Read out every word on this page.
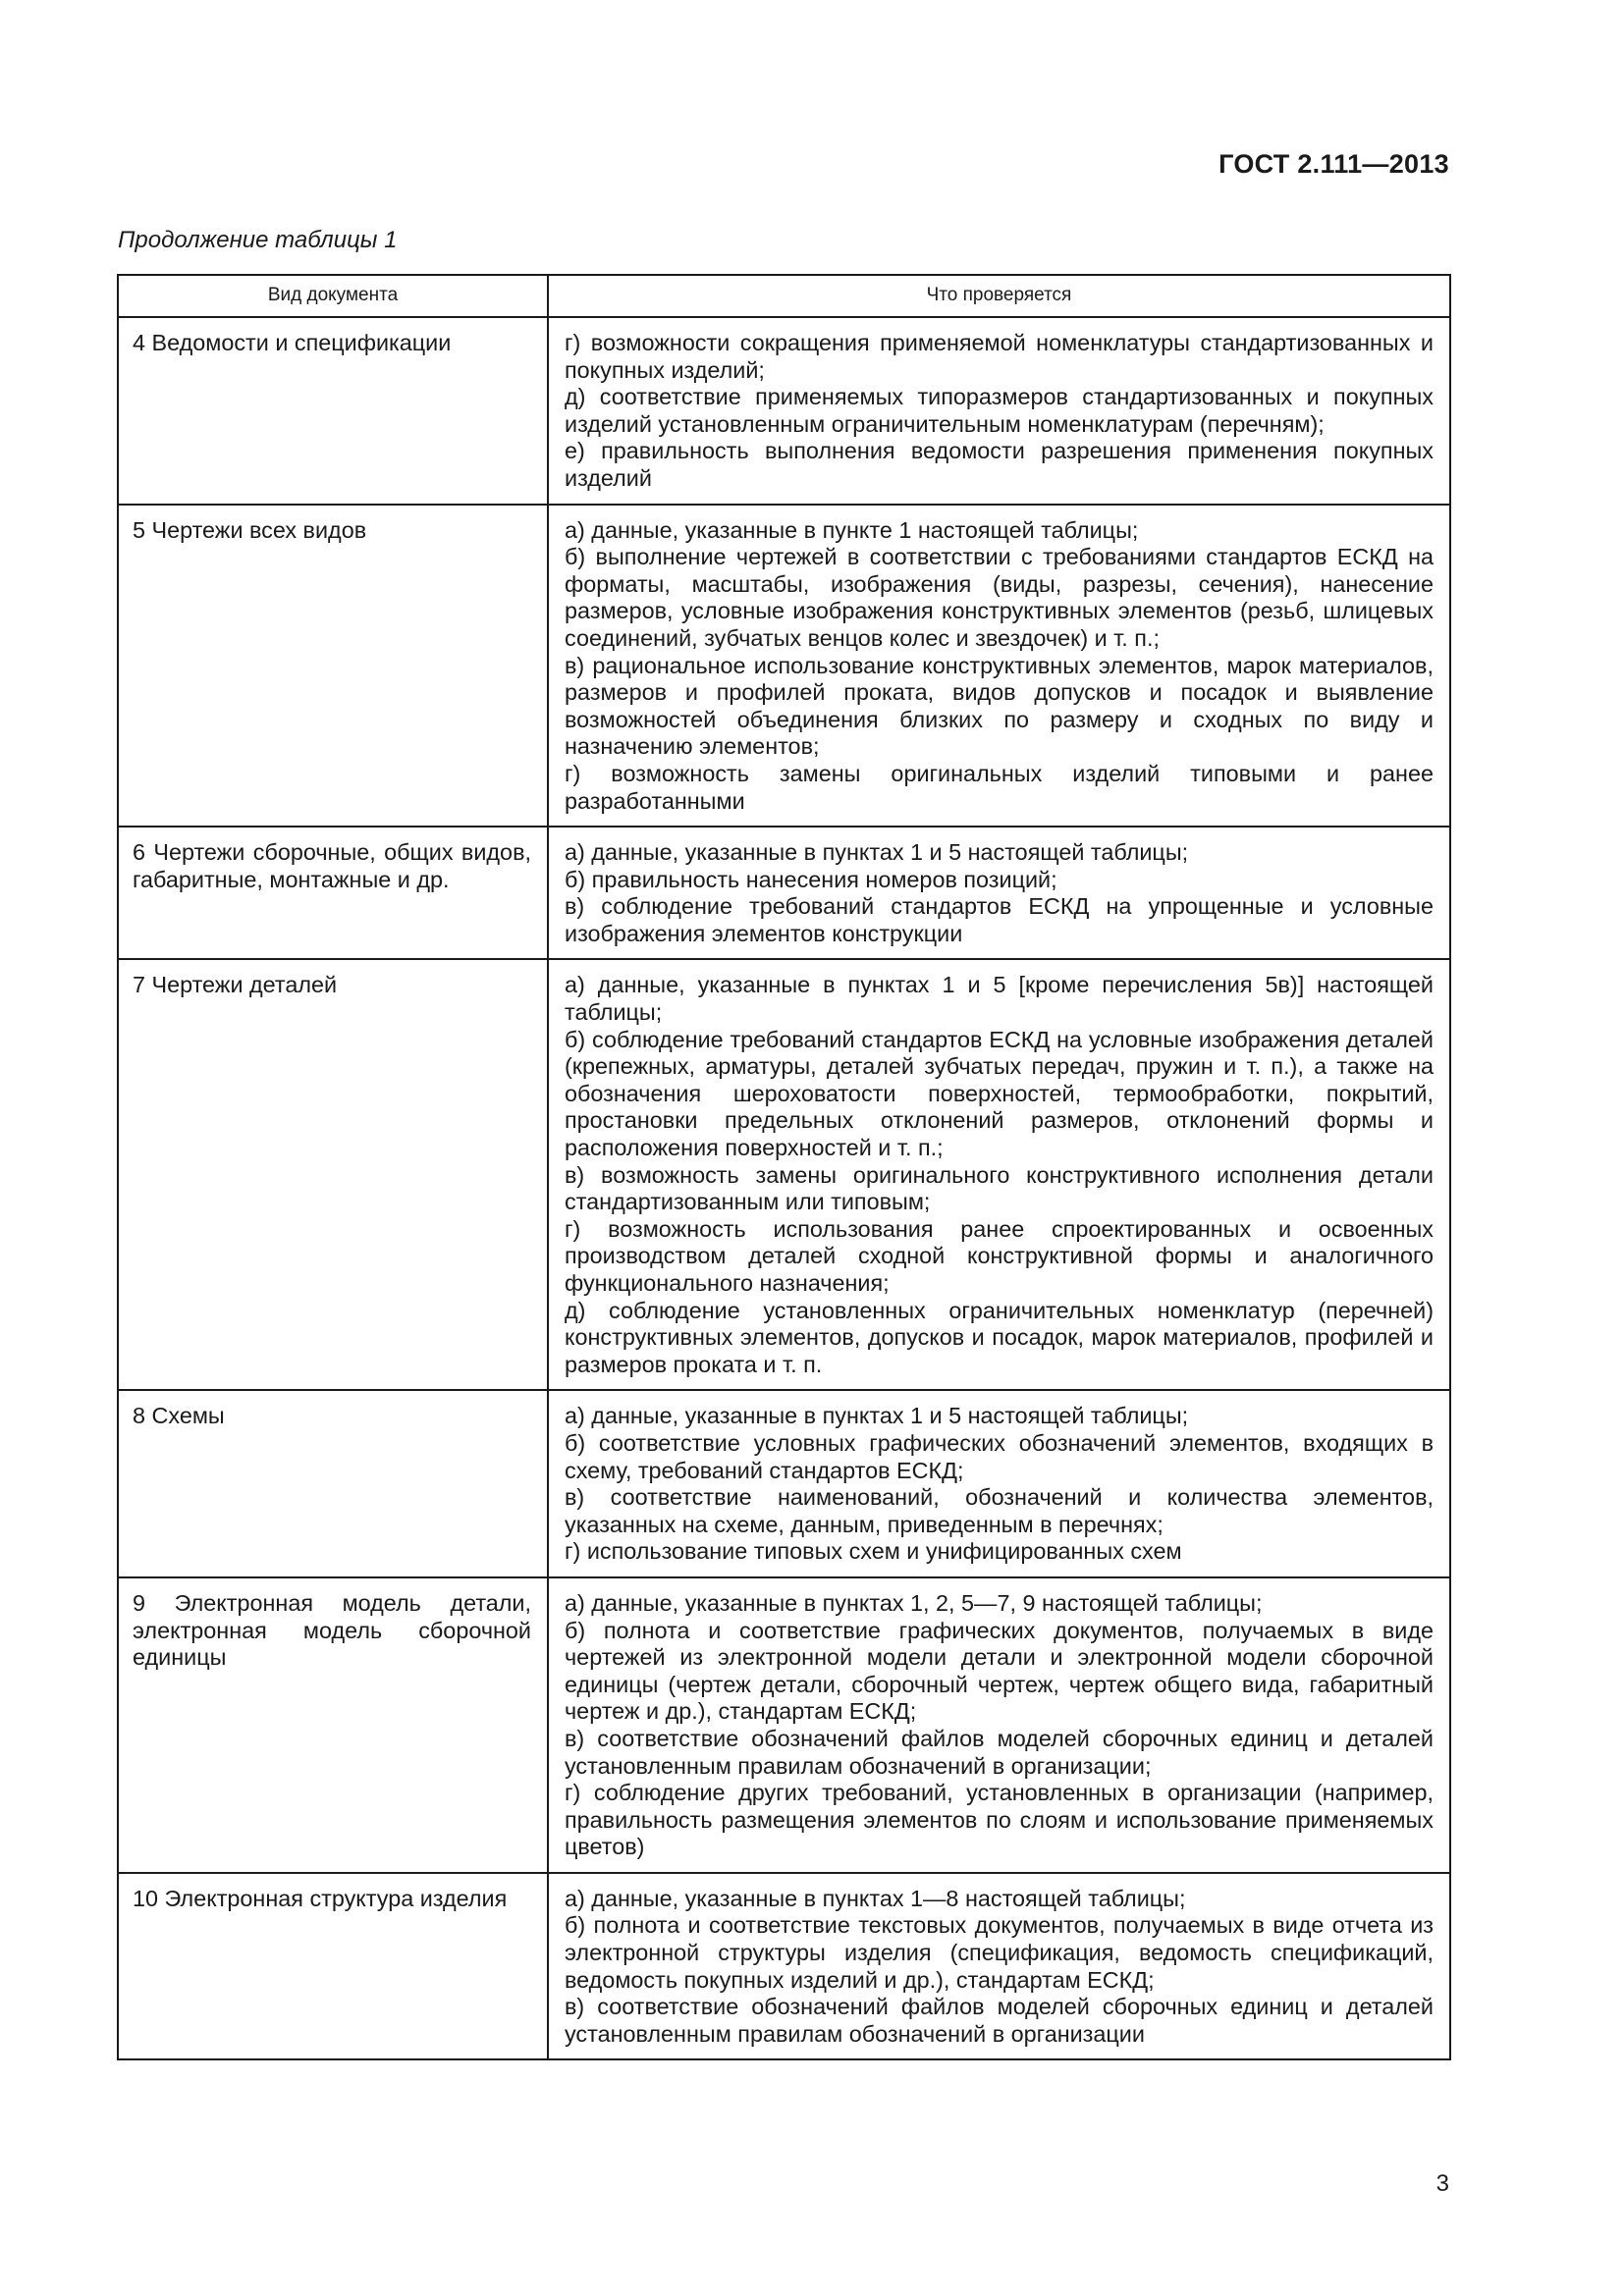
ГОСТ 2.111—2013
Продолжение таблицы 1
Вид документа	Что проверяется
4 Ведомости и спецификации	г) возможности сокращения применяемой номенклатуры стандартизованных и покупных изделий;
д) соответствие применяемых типоразмеров стандартизованных и покупных изделий установленным ограничительным номенклатурам (перечням);
е) правильность выполнения ведомости разрешения применения покупных изделий

5 Чертежи всех видов	а) данные, указанные в пункте 1 настоящей таблицы;
б) выполнение чертежей в соответствии с требованиями стандартов ЕСКД на форматы, масштабы, изображения (виды, разрезы, сечения), нанесение размеров, условные изображения конструктивных элементов (резьб, шлицевых соединений, зубчатых венцов колес и звездочек) и т. п.;
в) рациональное использование конструктивных элементов, марок материалов, размеров и профилей проката, видов допусков и посадок и выявление возможностей объединения близких по размеру и сходных по виду и назначению элементов;
г) возможность замены оригинальных изделий типовыми и ранее разработанными

6 Чертежи сборочные, общих видов, габаритные, монтажные и др.	а) данные, указанные в пунктах 1 и 5 настоящей таблицы;
б) правильность нанесения номеров позиций;
в) соблюдение требований стандартов ЕСКД на упрощенные и условные изображения элементов конструкции

7 Чертежи деталей	а) данные, указанные в пунктах 1 и 5 [кроме перечисления 5в)] настоящей таблицы;
б) соблюдение требований стандартов ЕСКД на условные изображения деталей (крепежных, арматуры, деталей зубчатых передач, пружин и т. п.), а также на обозначения шероховатости поверхностей, термообработки, покрытий, простановки предельных отклонений размеров, отклонений формы и расположения поверхностей и т. п.;
в) возможность замены оригинального конструктивного исполнения детали стандартизованным или типовым;
г) возможность использования ранее спроектированных и освоенных производством деталей сходной конструктивной формы и аналогичного функционального назначения;
д) соблюдение установленных ограничительных номенклатур (перечней) конструктивных элементов, допусков и посадок, марок материалов, профилей и размеров проката и т. п.

8 Схемы	а) данные, указанные в пунктах 1 и 5 настоящей таблицы;
б) соответствие условных графических обозначений элементов, входящих в схему, требований стандартов ЕСКД;
в) соответствие наименований, обозначений и количества элементов, указанных на схеме, данным, приведенным в перечнях;
г) использование типовых схем и унифицированных схем

9 Электронная модель детали, электронная модель сборочной единицы	а) данные, указанные в пунктах 1, 2, 5—7, 9 настоящей таблицы;
б) полнота и соответствие графических документов, получаемых в виде чертежей из электронной модели детали и электронной модели сборочной единицы (чертеж детали, сборочный чертеж, чертеж общего вида, габаритный чертеж и др.), стандартам ЕСКД;
в) соответствие обозначений файлов моделей сборочных единиц и деталей установленным правилам обозначений в организации;
г) соблюдение других требований, установленных в организации (например, правильность размещения элементов по слоям и использование применяемых цветов)

10 Электронная структура изделия	а) данные, указанные в пунктах 1—8 настоящей таблицы;
б) полнота и соответствие текстовых документов, получаемых в виде отчета из электронной структуры изделия (спецификация, ведомость спецификаций, ведомость покупных изделий и др.), стандартам ЕСКД;
в) соответствие обозначений файлов моделей сборочных единиц и деталей установленным правилам обозначений в организации
3
